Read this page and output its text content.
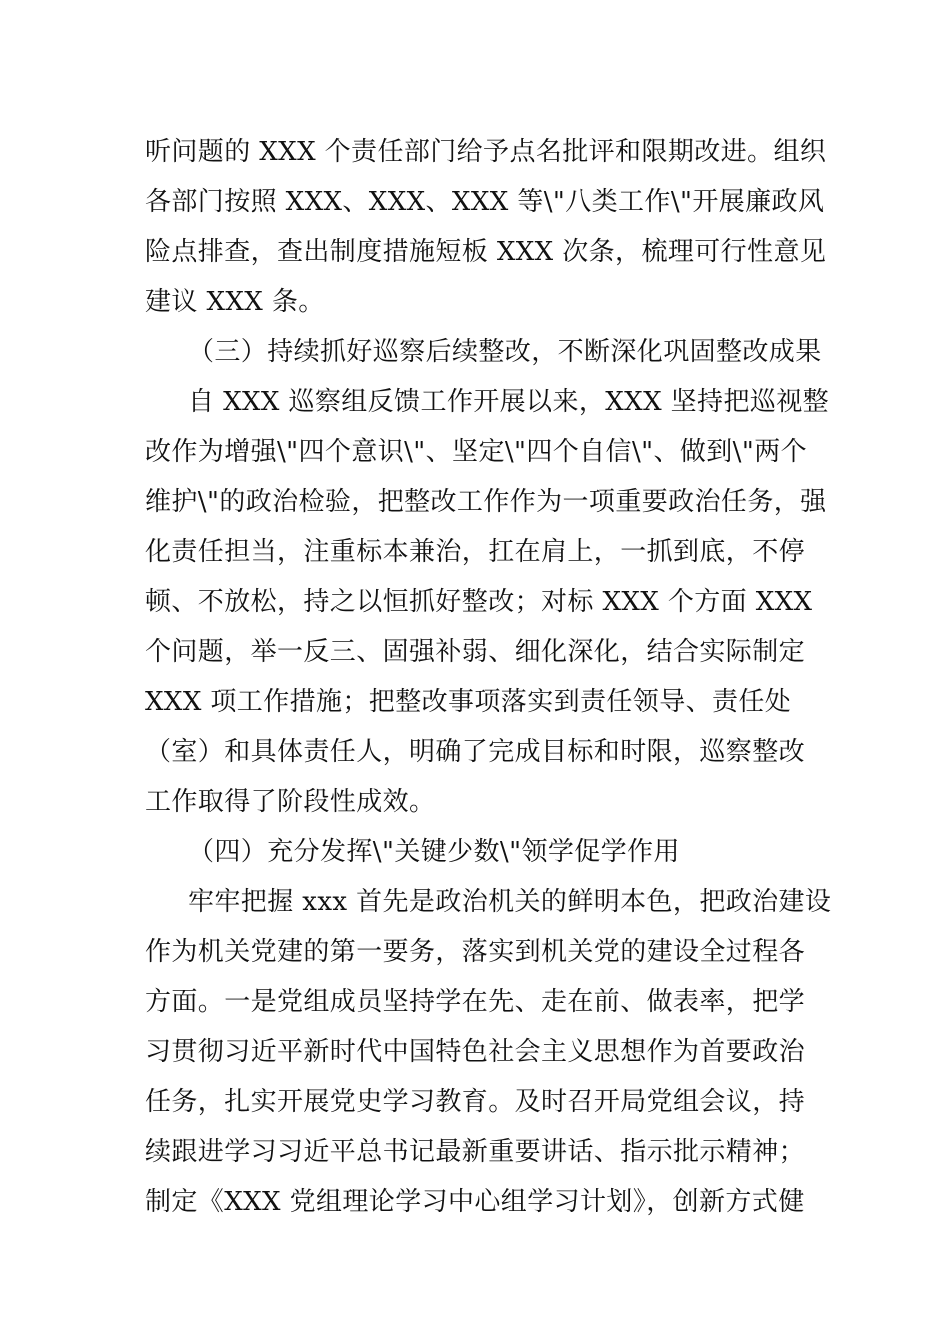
听问题的 XXX 个责任部门给予点名批评和限期改进。组织
各部门按照 XXX、XXX、XXX 等\"八类工作\"开展廉政风
险点排查，查出制度措施短板 XXX 次条，梳理可行性意见
建议 XXX 条。
（三）持续抓好巡察后续整改，不断深化巩固整改成果
自 XXX 巡察组反馈工作开展以来，XXX 坚持把巡视整
改作为增强\"四个意识\"、坚定\"四个自信\"、做到\"两个
维护\"的政治检验，把整改工作作为一项重要政治任务，强
化责任担当，注重标本兼治，扛在肩上，一抓到底，不停
顿、不放松，持之以恒抓好整改；对标 XXX 个方面 XXX
个问题，举一反三、固强补弱、细化深化，结合实际制定
XXX 项工作措施；把整改事项落实到责任领导、责任处
（室）和具体责任人，明确了完成目标和时限，巡察整改
工作取得了阶段性成效。
（四）充分发挥\"关键少数\"领学促学作用
牢牢把握 xxx 首先是政治机关的鲜明本色，把政治建设
作为机关党建的第一要务，落实到机关党的建设全过程各
方面。一是党组成员坚持学在先、走在前、做表率，把学
习贯彻习近平新时代中国特色社会主义思想作为首要政治
任务，扎实开展党史学习教育。及时召开局党组会议，持
续跟进学习习近平总书记最新重要讲话、指示批示精神；
制定《XXX 党组理论学习中心组学习计划》，创新方式健
